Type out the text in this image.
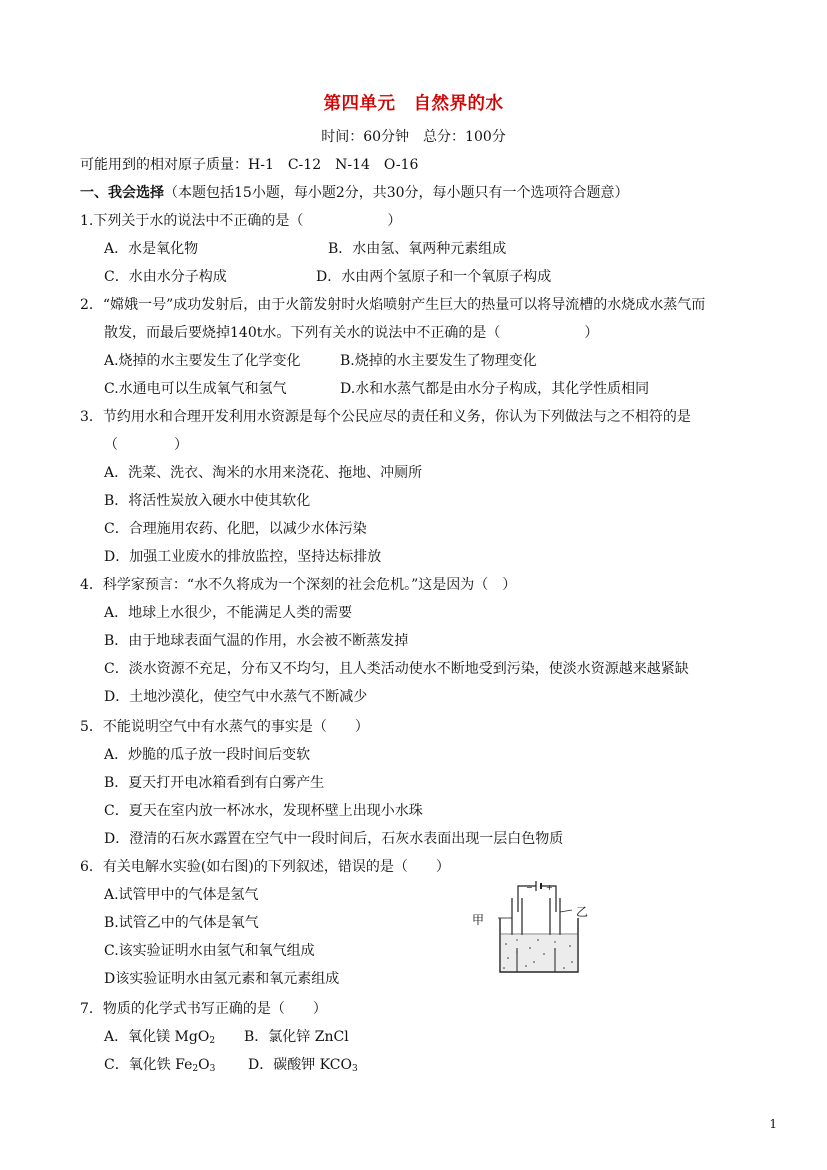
第四单元　自然界的水
时间：60分钟　总分：100分
可能用到的相对原子质量：H-1　C-12　N-14　O-16
一、我会选择（本题包括15小题，每小题2分，共30分，每小题只有一个选项符合题意）
1.下列关于水的说法中不正确的是（　　　　　　）
A．水是氧化物	B．水由氢、氧两种元素组成
C．水由水分子构成	D．水由两个氢原子和一个氧原子构成
2．“嫦娥一号”成功发射后，由于火箭发射时火焰喷射产生巨大的热量可以将导流槽的水烧成水蒸气而
散发，而最后要烧掉140t水。下列有关水的说法中不正确的是（　　　　　　）
A.烧掉的水主要发生了化学变化	B.烧掉的水主要发生了物理变化
C.水通电可以生成氧气和氢气	D.水和水蒸气都是由水分子构成，其化学性质相同
3．节约用水和合理开发利用水资源是每个公民应尽的责任和义务，你认为下列做法与之不相符的是
（　　　　）
A．洗菜、洗衣、淘米的水用来浇花、拖地、冲厕所
B．将活性炭放入硬水中使其软化
C．合理施用农药、化肥，以减少水体污染
D．加强工业废水的排放监控，坚持达标排放
4．科学家预言：“水不久将成为一个深刻的社会危机。”这是因为（　）
A．地球上水很少，不能满足人类的需要
B．由于地球表面气温的作用，水会被不断蒸发掉
C．淡水资源不充足，分布又不均匀，且人类活动使水不断地受到污染，使淡水资源越来越紧缺
D．土地沙漠化，使空气中水蒸气不断减少
5．不能说明空气中有水蒸气的事实是（　　）
A．炒脆的瓜子放一段时间后变软
B．夏天打开电冰箱看到有白雾产生
C．夏天在室内放一杯冰水，发现杯壁上出现小水珠
D．澄清的石灰水露置在空气中一段时间后，石灰水表面出现一层白色物质
6．有关电解水实验(如右图)的下列叙述，错误的是（　　）
A.试管甲中的气体是氢气
B.试管乙中的气体是氧气
C.该实验证明水由氢气和氧气组成
D该实验证明水由氢元素和氧元素组成
− +
甲
乙
7．物质的化学式书写正确的是（　　）
A．氧化镁 MgO$_2$ B．氯化锌 ZnCl
C．氧化铁 $Fe_2O_3$ D．碳酸钾 $KCO_3$
1
